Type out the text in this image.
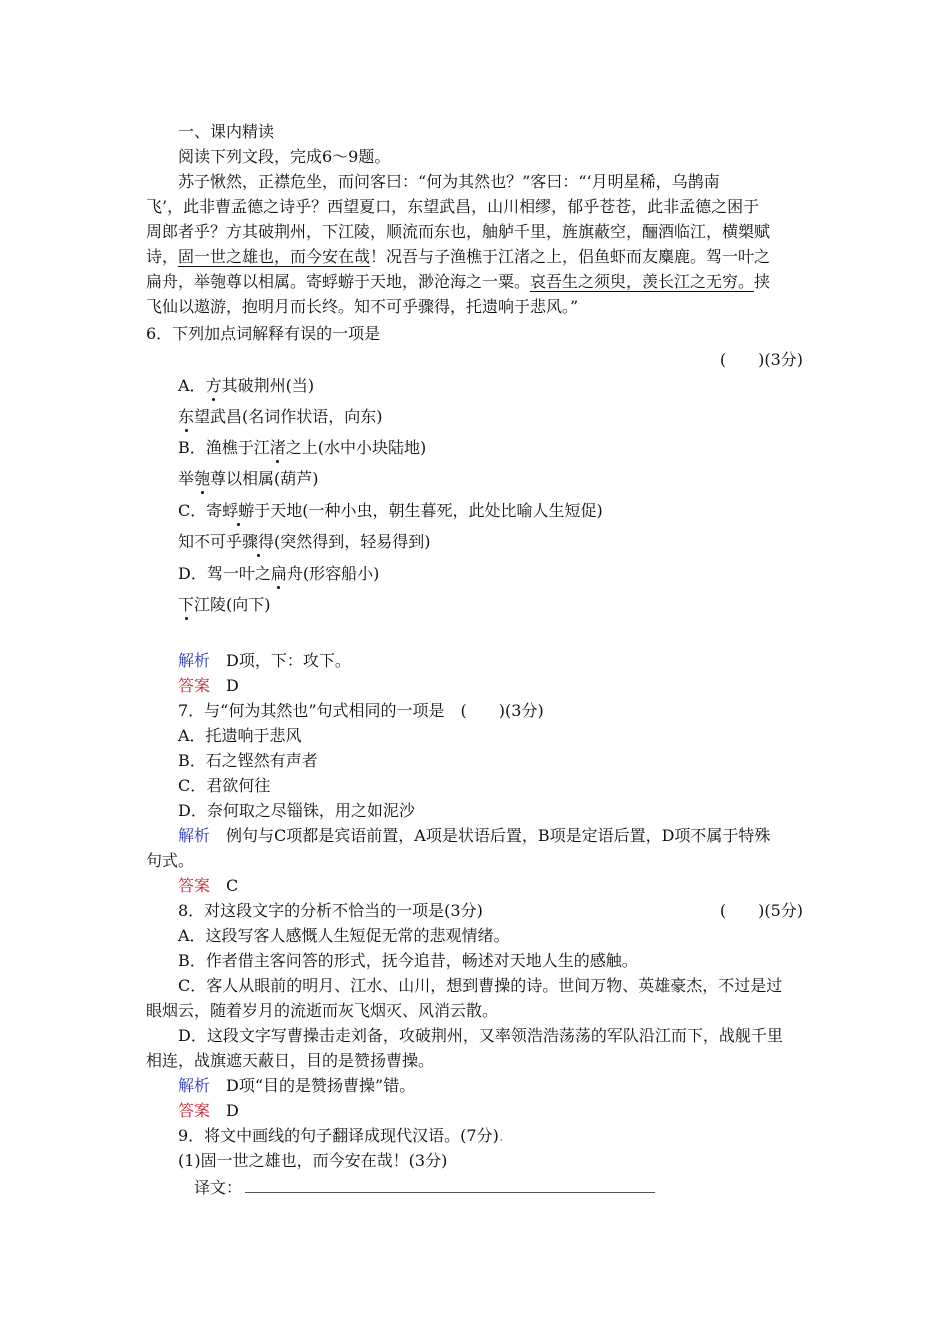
一、课内精读
阅读下列文段，完成6～9题。
苏子愀然，正襟危坐，而问客曰：“何为其然也？”客曰：“‘月明星稀，乌鹊南
飞’，此非曹孟德之诗乎？西望夏口，东望武昌，山川相缪，郁乎苍苍，此非孟德之困于
周郎者乎？方其破荆州，下江陵，顺流而东也，舳舻千里，旌旗蔽空，酾酒临江，横槊赋
诗，固一世之雄也，而今安在哉！况吾与子渔樵于江渚之上，侣鱼虾而友麋鹿。驾一叶之
扁舟，举匏尊以相属。寄蜉蝣于天地，渺沧海之一粟。哀吾生之须臾，羡长江之无穷。挟
飞仙以遨游，抱明月而长终。知不可乎骤得，托遗响于悲风。”
6．下列加点词解释有误的一项是
(　　)(3分)
A．方其破荆州(当)
东望武昌(名词作状语，向东)
B．渔樵于江渚之上(水中小块陆地)
举匏尊以相属(葫芦)
C．寄蜉蝣于天地(一种小虫，朝生暮死，此处比喻人生短促)
知不可乎骤得(突然得到，轻易得到)
D．驾一叶之扁舟(形容船小)
下江陵(向下)
解析　D项，下：攻下。
答案　D
7．与“何为其然也”句式相同的一项是　(　　)(3分)
A．托遗响于悲风
B．石之铿然有声者
C．君欲何往
D．奈何取之尽锱铢，用之如泥沙
解析　例句与C项都是宾语前置，A项是状语后置，B项是定语后置，D项不属于特殊
句式。
答案　C
8．对这段文字的分析不恰当的一项是(3分)	(　　)(5分)
A．这段写客人感慨人生短促无常的悲观情绪。
B．作者借主客问答的形式，抚今追昔，畅述对天地人生的感触。
C．客人从眼前的明月、江水、山川，想到曹操的诗。世间万物、英雄豪杰，不过是过
眼烟云，随着岁月的流逝而灰飞烟灭、风消云散。
D．这段文字写曹操击走刘备，攻破荆州，又率领浩浩荡荡的军队沿江而下，战舰千里
相连，战旗遮天蔽日，目的是赞扬曹操。
解析　D项“目的是赞扬曹操”错。
答案　D
9．将文中画线的句子翻译成现代汉语。(7分).
(1)固一世之雄也，而今安在哉！(3分)
译文：
